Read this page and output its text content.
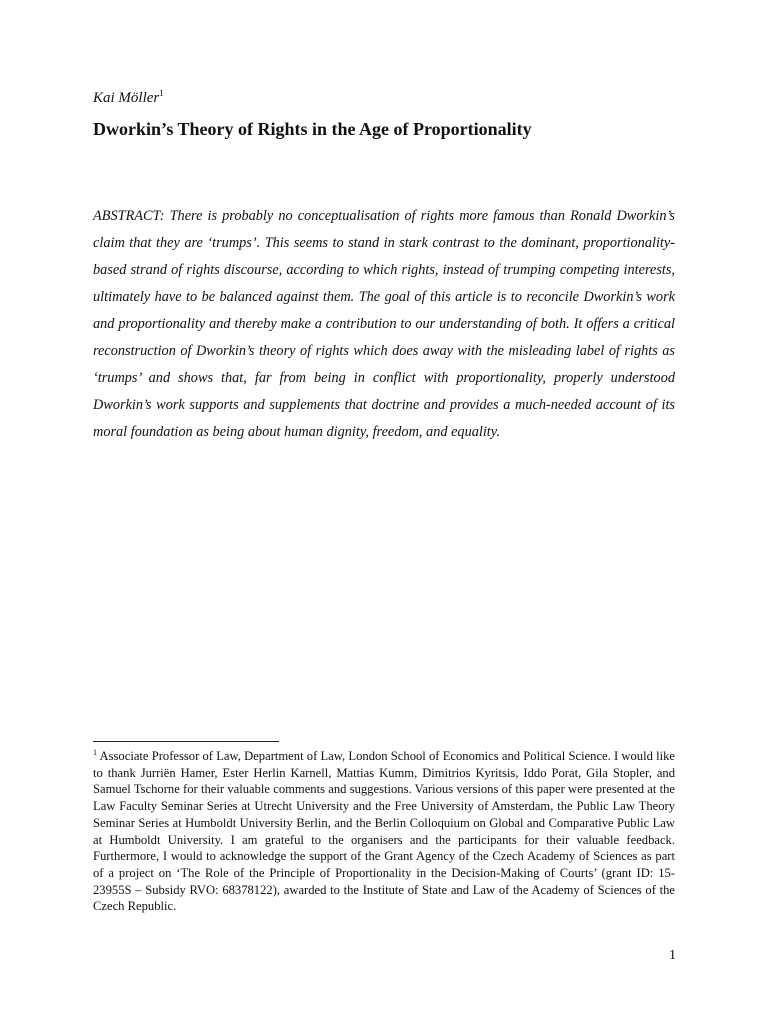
Kai Möller$^1$
Dworkin’s Theory of Rights in the Age of Proportionality

ABSTRACT: There is probably no conceptualisation of rights more famous than Ronald Dworkin’s claim that they are ‘trumps’. This seems to stand in stark contrast to the dominant, proportionality-based strand of rights discourse, according to which rights, instead of trumping competing interests, ultimately have to be balanced against them. The goal of this article is to reconcile Dworkin’s work and proportionality and thereby make a contribution to our understanding of both. It offers a critical reconstruction of Dworkin’s theory of rights which does away with the misleading label of rights as ‘trumps’ and shows that, far from being in conflict with proportionality, properly understood Dworkin’s work supports and supplements that doctrine and provides a much-needed account of its moral foundation as being about human dignity, freedom, and equality.

$^1$ Associate Professor of Law, Department of Law, London School of Economics and Political Science. I would like to thank Jurriën Hamer, Ester Herlin Karnell, Mattias Kumm, Dimitrios Kyritsis, Iddo Porat, Gila Stopler, and Samuel Tschorne for their valuable comments and suggestions. Various versions of this paper were presented at the Law Faculty Seminar Series at Utrecht University and the Free University of Amsterdam, the Public Law Theory Seminar Series at Humboldt University Berlin, and the Berlin Colloquium on Global and Comparative Public Law at Humboldt University. I am grateful to the organisers and the participants for their valuable feedback. Furthermore, I would to acknowledge the support of the Grant Agency of the Czech Academy of Sciences as part of a project on ‘The Role of the Principle of Proportionality in the Decision-Making of Courts’ (grant ID: 15-23955S – Subsidy RVO: 68378122), awarded to the Institute of State and Law of the Academy of Sciences of the Czech Republic.

1
